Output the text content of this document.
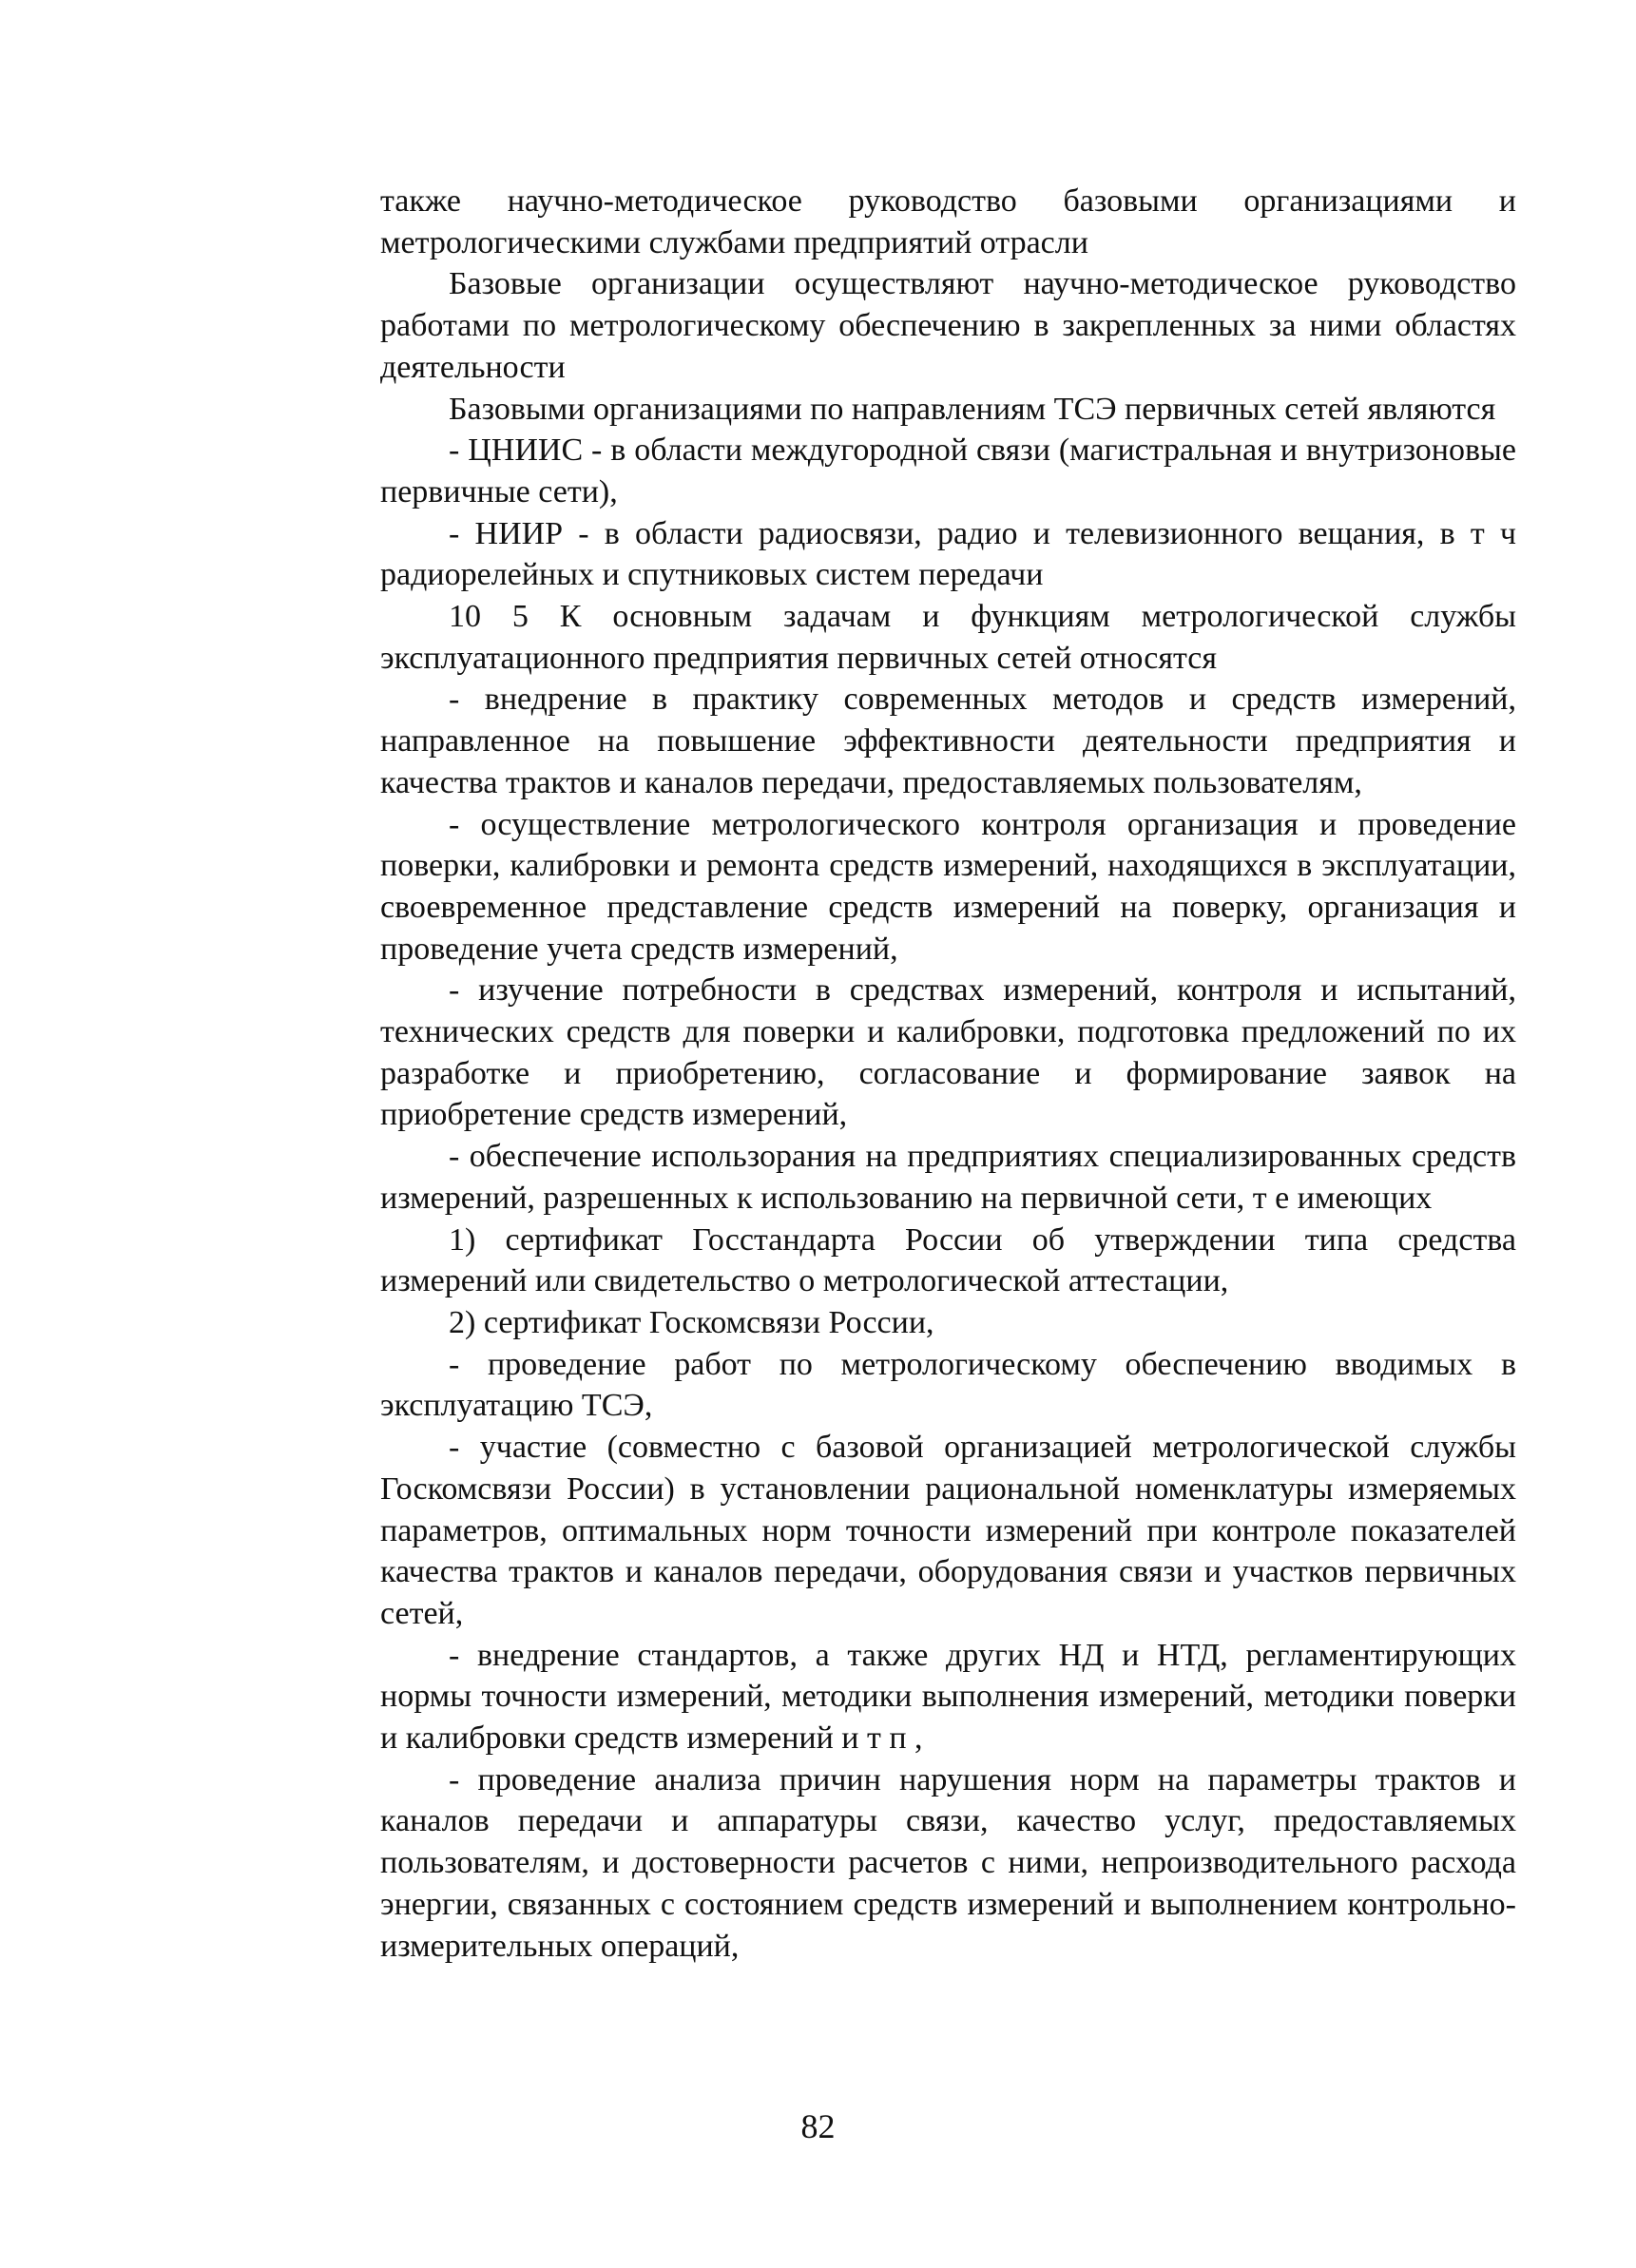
также научно-методическое руководство базовыми организациями и метрологическими службами предприятий отрасли

Базовые организации осуществляют научно-методическое руководство работами по метрологическому обеспечению в закрепленных за ними областях деятельности

Базовыми организациями по направлениям ТСЭ первичных сетей являются

- ЦНИИС - в области междугородной связи (магистральная и внутризоновые первичные сети),

- НИИР - в области радиосвязи, радио и телевизионного вещания, в т ч радиорелейных и спутниковых систем передачи

10 5 К основным задачам и функциям метрологической службы эксплуатационного предприятия первичных сетей относятся

- внедрение в практику современных методов и средств измерений, направленное на повышение эффективности деятельности предприятия и качества трактов и каналов передачи, предоставляемых пользователям,

- осуществление метрологического контроля организация и проведение поверки, калибровки и ремонта средств измерений, находящихся в эксплуатации, своевременное представление средств измерений на поверку, организация и проведение учета средств измерений,

- изучение потребности в средствах измерений, контроля и испытаний, технических средств для поверки и калибровки, подготовка предложений по их разработке и приобретению, согласование и формирование заявок на приобретение средств измерений,

- обеспечение использорания на предприятиях специализированных средств измерений, разрешенных к использованию на первичной сети, т е имеющих

1) сертификат Госстандарта России об утверждении типа средства измерений или свидетельство о метрологической аттестации,

2) сертификат Госкомсвязи России,

- проведение работ по метрологическому обеспечению вводимых в эксплуатацию ТСЭ,

- участие (совместно с базовой организацией метрологической службы Госкомсвязи России) в установлении рациональной номенклатуры измеряемых параметров, оптимальных норм точности измерений при контроле показателей качества трактов и каналов передачи, оборудования связи и участков первичных сетей,

- внедрение стандартов, а также других НД и НТД, регламентирующих нормы точности измерений, методики выполнения измерений, методики поверки и калибровки средств измерений и т п ,

- проведение анализа причин нарушения норм на параметры трактов и каналов передачи и аппаратуры связи, качество услуг, предоставляемых пользователям, и достоверности расчетов с ними, непроизводительного расхода энергии, связанных с состоянием средств измерений и выполнением контрольно-измерительных операций,

82
